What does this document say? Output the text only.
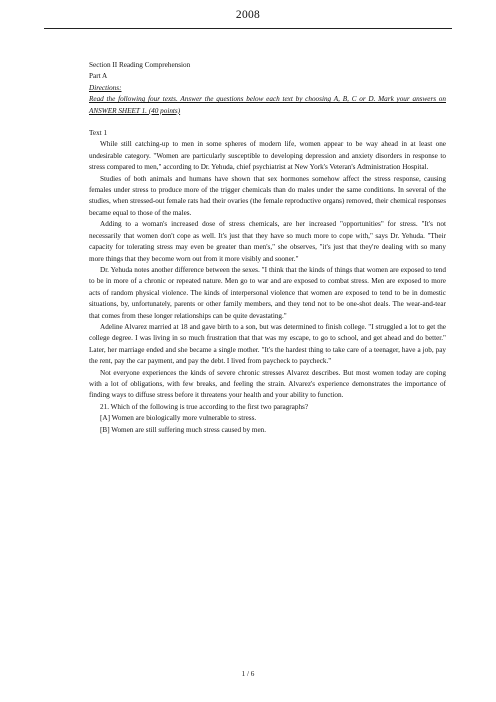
2008

Section II Reading Comprehension

Part A

Directions:

Read the following four texts. Answer the questions below each text by choosing A, B, C or D. Mark your answers on ANSWER SHEET 1. (40 points)

Text 1

While still catching-up to men in some spheres of modern life, women appear to be way ahead in at least one undesirable category. "Women are particularly susceptible to developing depression and anxiety disorders in response to stress compared to men," according to Dr. Yehuda, chief psychiatrist at New York's Veteran's Administration Hospital.

Studies of both animals and humans have shown that sex hormones somehow affect the stress response, causing females under stress to produce more of the trigger chemicals than do males under the same conditions. In several of the studies, when stressed-out female rats had their ovaries (the female reproductive organs) removed, their chemical responses became equal to those of the males.

Adding to a woman's increased dose of stress chemicals, are her increased "opportunities" for stress. "It's not necessarily that women don't cope as well. It's just that they have so much more to cope with," says Dr. Yehuda. "Their capacity for tolerating stress may even be greater than men's," she observes, "it's just that they're dealing with so many more things that they become worn out from it more visibly and sooner."

Dr. Yehuda notes another difference between the sexes. "I think that the kinds of things that women are exposed to tend to be in more of a chronic or repeated nature. Men go to war and are exposed to combat stress. Men are exposed to more acts of random physical violence. The kinds of interpersonal violence that women are exposed to tend to be in domestic situations, by, unfortunately, parents or other family members, and they tend not to be one-shot deals. The wear-and-tear that comes from these longer relationships can be quite devastating."

Adeline Alvarez married at 18 and gave birth to a son, but was determined to finish college. "I struggled a lot to get the college degree. I was living in so much frustration that that was my escape, to go to school, and get ahead and do better." Later, her marriage ended and she became a single mother. "It's the hardest thing to take care of a teenager, have a job, pay the rent, pay the car payment, and pay the debt. I lived from paycheck to paycheck."

Not everyone experiences the kinds of severe chronic stresses Alvarez describes. But most women today are coping with a lot of obligations, with few breaks, and feeling the strain. Alvarez's experience demonstrates the importance of finding ways to diffuse stress before it threatens your health and your ability to function.

21. Which of the following is true according to the first two paragraphs?

[A] Women are biologically more vulnerable to stress.

[B] Women are still suffering much stress caused by men.

1 / 6
